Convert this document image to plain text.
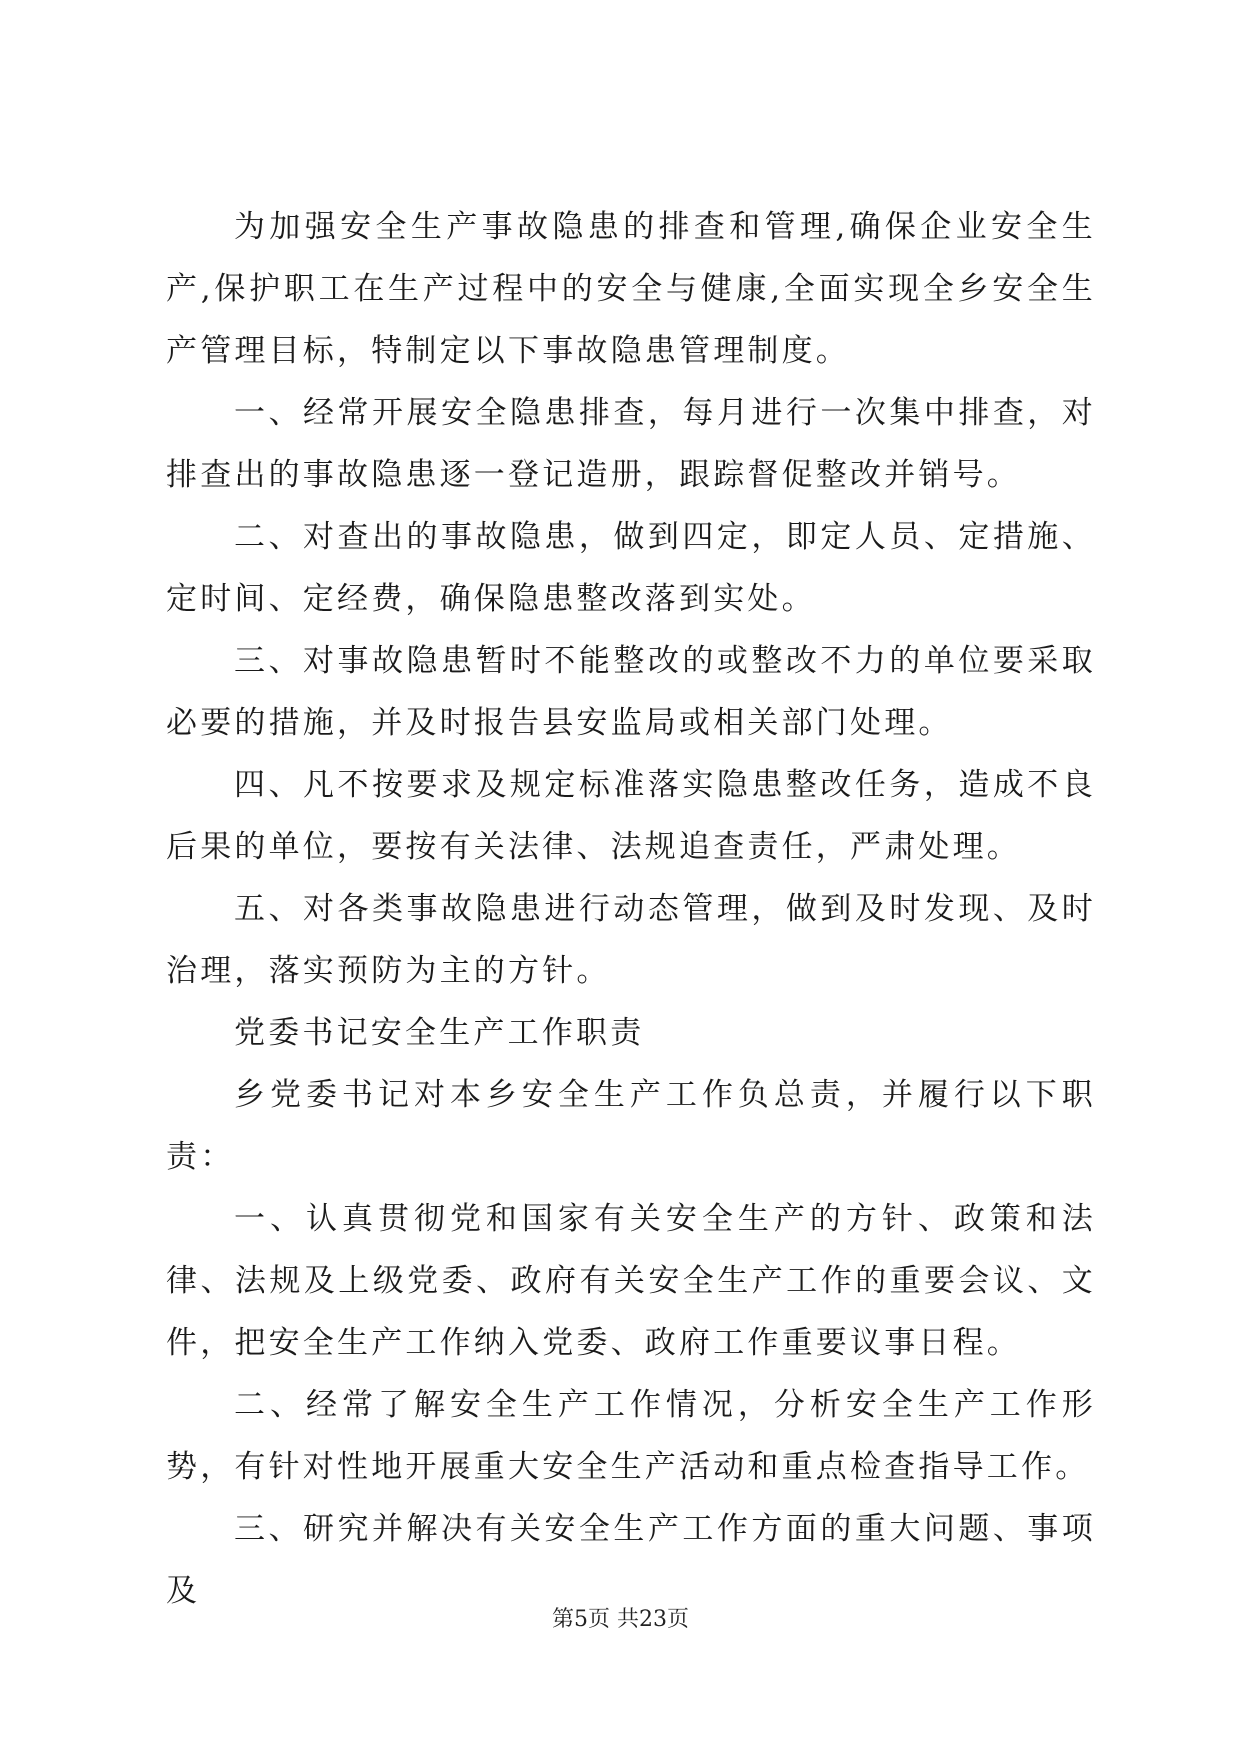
为加强安全生产事故隐患的排查和管理,确保企业安全生产,保护职工在生产过程中的安全与健康,全面实现全乡安全生产管理目标，特制定以下事故隐患管理制度。

一、经常开展安全隐患排查，每月进行一次集中排查，对排查出的事故隐患逐一登记造册，跟踪督促整改并销号。

二、对查出的事故隐患，做到四定，即定人员、定措施、定时间、定经费，确保隐患整改落到实处。

三、对事故隐患暂时不能整改的或整改不力的单位要采取必要的措施，并及时报告县安监局或相关部门处理。

四、凡不按要求及规定标准落实隐患整改任务，造成不良后果的单位，要按有关法律、法规追查责任，严肃处理。

五、对各类事故隐患进行动态管理，做到及时发现、及时治理，落实预防为主的方针。

党委书记安全生产工作职责

乡党委书记对本乡安全生产工作负总责，并履行以下职责：

一、认真贯彻党和国家有关安全生产的方针、政策和法律、法规及上级党委、政府有关安全生产工作的重要会议、文件，把安全生产工作纳入党委、政府工作重要议事日程。

二、经常了解安全生产工作情况，分析安全生产工作形势，有针对性地开展重大安全生产活动和重点检查指导工作。

三、研究并解决有关安全生产工作方面的重大问题、事项及

第5页 共23页
